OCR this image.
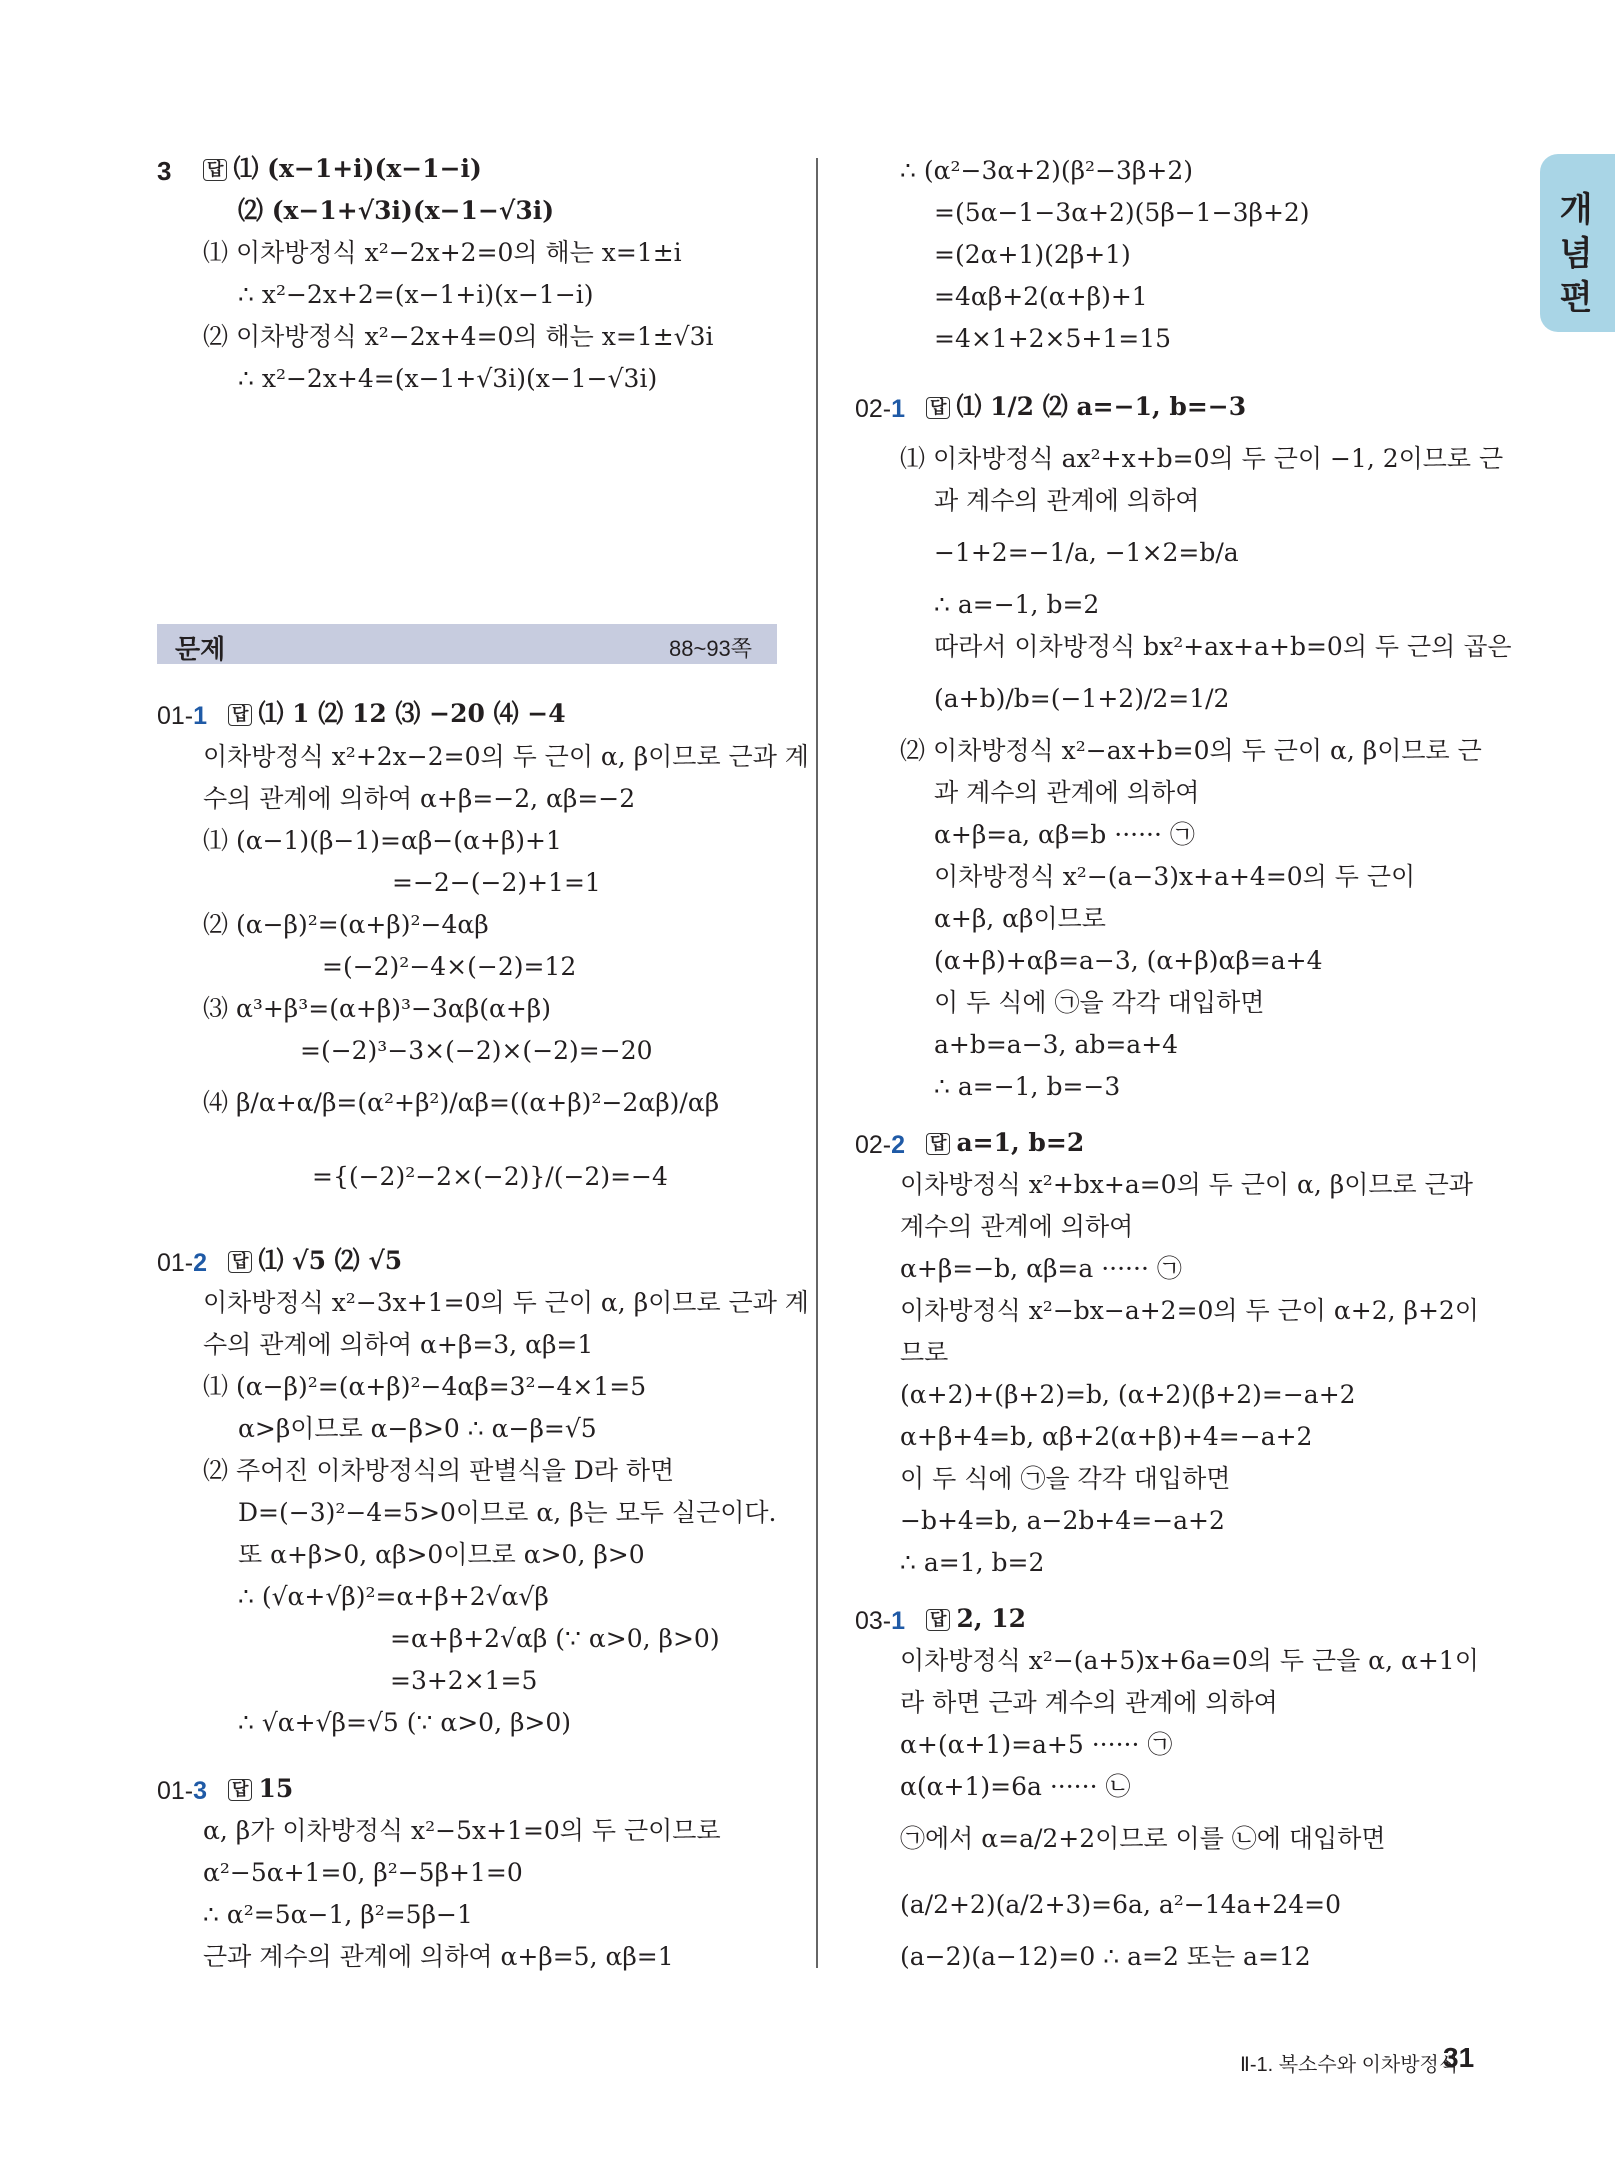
개
념
편
3 답 ⑴ (x−1+i)(x−1−i)
⑵ (x−1+√3i)(x−1−√3i)
⑴ 이차방정식 x²−2x+2=0의 해는 x=1±i
∴ x²−2x+2=(x−1+i)(x−1−i)
⑵ 이차방정식 x²−2x+4=0의 해는 x=1±√3i
∴ x²−2x+4=(x−1+√3i)(x−1−√3i)
문제	88~93쪽
01-1 답 ⑴ 1 ⑵ 12 ⑶ −20 ⑷ −4
이차방정식 x²+2x−2=0의 두 근이 α, β이므로 근과 계
수의 관계에 의하여 α+β=−2, αβ=−2
⑴ (α−1)(β−1)=αβ−(α+β)+1
=−2−(−2)+1=1
⑵ (α−β)²=(α+β)²−4αβ
=(−2)²−4×(−2)=12
⑶ α³+β³=(α+β)³−3αβ(α+β)
=(−2)³−3×(−2)×(−2)=−20
⑷ β/α+α/β=(α²+β²)/αβ=((α+β)²−2αβ)/αβ
={(−2)²−2×(−2)}/(−2)=−4
01-2 답 ⑴ √5 ⑵ √5
이차방정식 x²−3x+1=0의 두 근이 α, β이므로 근과 계
수의 관계에 의하여 α+β=3, αβ=1
⑴ (α−β)²=(α+β)²−4αβ=3²−4×1=5
α>β이므로 α−β>0 ∴ α−β=√5
⑵ 주어진 이차방정식의 판별식을 D라 하면
D=(−3)²−4=5>0이므로 α, β는 모두 실근이다.
또 α+β>0, αβ>0이므로 α>0, β>0
∴ (√α+√β)²=α+β+2√α√β
=α+β+2√αβ (∵ α>0, β>0)
=3+2×1=5
∴ √α+√β=√5 (∵ α>0, β>0)
01-3 답 15
α, β가 이차방정식 x²−5x+1=0의 두 근이므로
α²−5α+1=0, β²−5β+1=0
∴ α²=5α−1, β²=5β−1
근과 계수의 관계에 의하여 α+β=5, αβ=1
∴ (α²−3α+2)(β²−3β+2)
=(5α−1−3α+2)(5β−1−3β+2)
=(2α+1)(2β+1)
=4αβ+2(α+β)+1
=4×1+2×5+1=15
02-1 답 ⑴ 1/2 ⑵ a=−1, b=−3
⑴ 이차방정식 ax²+x+b=0의 두 근이 −1, 2이므로 근
과 계수의 관계에 의하여
−1+2=−1/a, −1×2=b/a
∴ a=−1, b=2
따라서 이차방정식 bx²+ax+a+b=0의 두 근의 곱은
(a+b)/b=(−1+2)/2=1/2
⑵ 이차방정식 x²−ax+b=0의 두 근이 α, β이므로 근
과 계수의 관계에 의하여
α+β=a, αβ=b ······ ㉠
이차방정식 x²−(a−3)x+a+4=0의 두 근이
α+β, αβ이므로
(α+β)+αβ=a−3, (α+β)αβ=a+4
이 두 식에 ㉠을 각각 대입하면
a+b=a−3, ab=a+4
∴ a=−1, b=−3
02-2 답 a=1, b=2
이차방정식 x²+bx+a=0의 두 근이 α, β이므로 근과
계수의 관계에 의하여
α+β=−b, αβ=a ······ ㉠
이차방정식 x²−bx−a+2=0의 두 근이 α+2, β+2이
므로
(α+2)+(β+2)=b, (α+2)(β+2)=−a+2
α+β+4=b, αβ+2(α+β)+4=−a+2
이 두 식에 ㉠을 각각 대입하면
−b+4=b, a−2b+4=−a+2
∴ a=1, b=2
03-1 답 2, 12
이차방정식 x²−(a+5)x+6a=0의 두 근을 α, α+1이
라 하면 근과 계수의 관계에 의하여
α+(α+1)=a+5 ······ ㉠
α(α+1)=6a ······ ㉡
㉠에서 α=a/2+2이므로 이를 ㉡에 대입하면
(a/2+2)(a/2+3)=6a, a²−14a+24=0
(a−2)(a−12)=0 ∴ a=2 또는 a=12
Ⅱ-1. 복소수와 이차방정식
31
